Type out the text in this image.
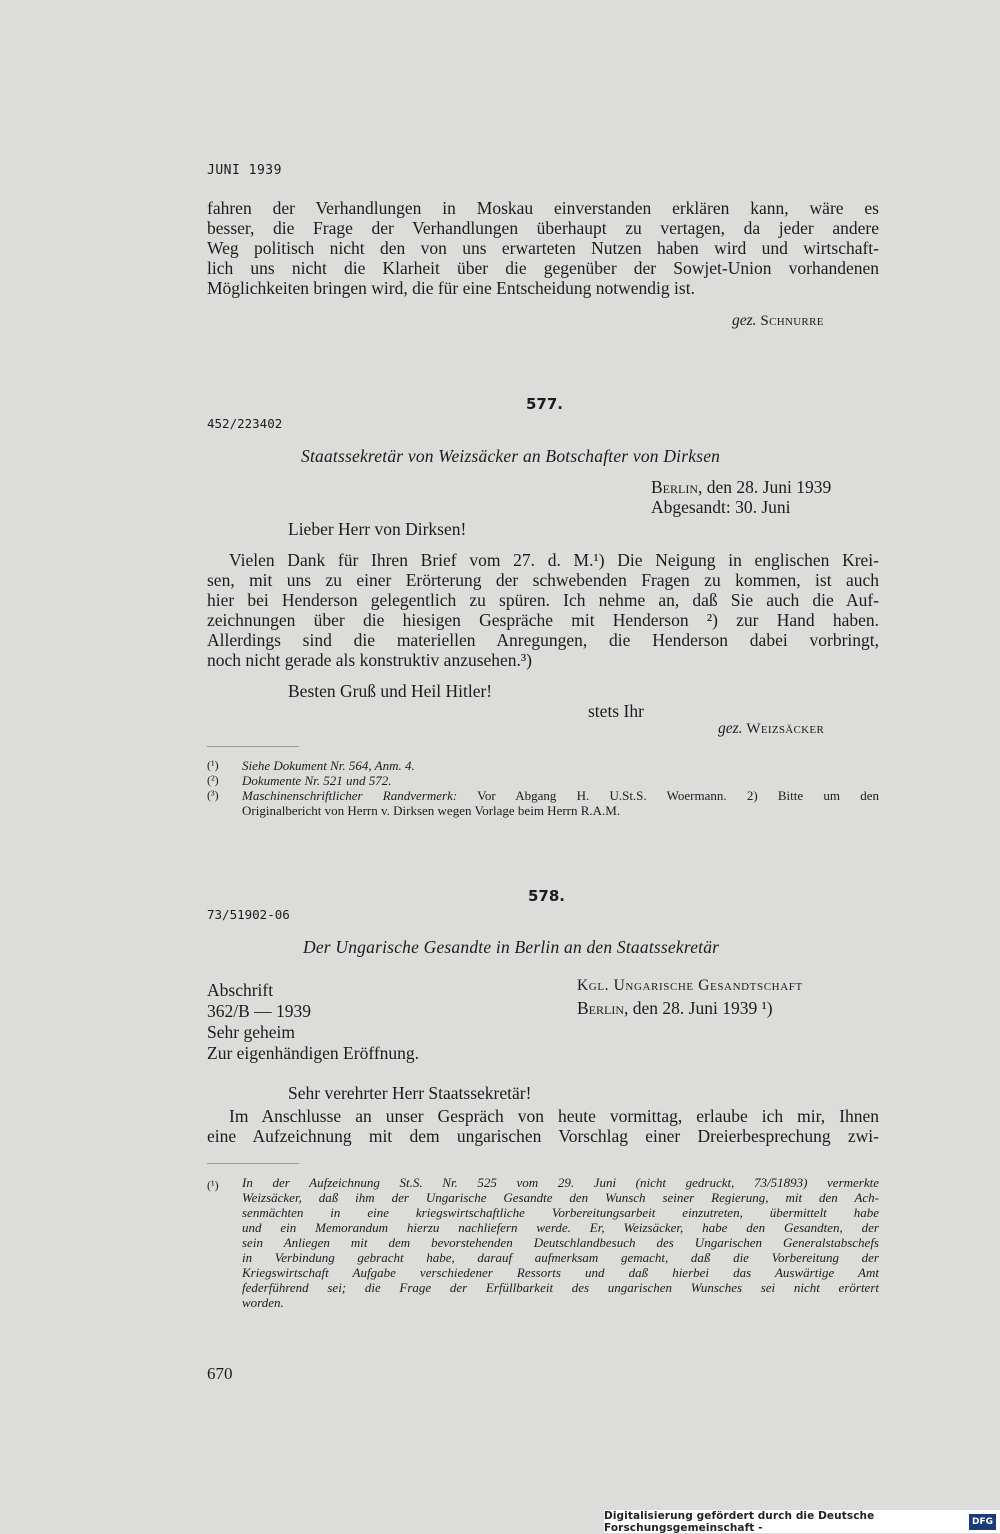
JUNI 1939
fahren der Verhandlungen in Moskau einverstanden erklären kann, wäre es
besser, die Frage der Verhandlungen überhaupt zu vertagen, da jeder andere
Weg politisch nicht den von uns erwarteten Nutzen haben wird und wirtschaft-
lich uns nicht die Klarheit über die gegenüber der Sowjet-Union vorhandenen
Möglichkeiten bringen wird, die für eine Entscheidung notwendig ist.
gez. Schnurre
577.
452/223402
Staatssekretär von Weizsäcker an Botschafter von Dirksen
Berlin, den 28. Juni 1939
Abgesandt: 30. Juni
Lieber Herr von Dirksen!
Vielen Dank für Ihren Brief vom 27. d. M.¹) Die Neigung in englischen Krei-
sen, mit uns zu einer Erörterung der schwebenden Fragen zu kommen, ist auch
hier bei Henderson gelegentlich zu spüren. Ich nehme an, daß Sie auch die Auf-
zeichnungen über die hiesigen Gespräche mit Henderson ²) zur Hand haben.
Allerdings sind die materiellen Anregungen, die Henderson dabei vorbringt,
noch nicht gerade als konstruktiv anzusehen.³)
Besten Gruß und Heil Hitler!
stets Ihr
gez. Weizsäcker
(¹) Siehe Dokument Nr. 564, Anm. 4.
(²) Dokumente Nr. 521 und 572.
(³) Maschinenschriftlicher Randvermerk: Vor Abgang H. U.St.S. Woermann. 2) Bitte um den
Originalbericht von Herrn v. Dirksen wegen Vorlage beim Herrn R.A.M.
578.
73/51902-06
Der Ungarische Gesandte in Berlin an den Staatssekretär
Abschrift
362/B — 1939
Sehr geheim
Zur eigenhändigen Eröffnung.
Kgl. Ungarische Gesandtschaft
Berlin, den 28. Juni 1939 ¹)
Sehr verehrter Herr Staatssekretär!
Im Anschlusse an unser Gespräch von heute vormittag, erlaube ich mir, Ihnen
eine Aufzeichnung mit dem ungarischen Vorschlag einer Dreierbesprechung zwi-
(¹) In der Aufzeichnung St.S. Nr. 525 vom 29. Juni (nicht gedruckt, 73/51893) vermerkte
Weizsäcker, daß ihm der Ungarische Gesandte den Wunsch seiner Regierung, mit den Ach-
senmächten in eine kriegswirtschaftliche Vorbereitungsarbeit einzutreten, übermittelt habe
und ein Memorandum hierzu nachliefern werde. Er, Weizsäcker, habe den Gesandten, der
sein Anliegen mit dem bevorstehenden Deutschlandbesuch des Ungarischen Generalstabschefs
in Verbindung gebracht habe, darauf aufmerksam gemacht, daß die Vorbereitung der
Kriegswirtschaft Aufgabe verschiedener Ressorts und daß hierbei das Auswärtige Amt
federführend sei; die Frage der Erfüllbarkeit des ungarischen Wunsches sei nicht erörtert
worden.
670
Digitalisierung gefördert durch die Deutsche Forschungsgemeinschaft -	DFG
